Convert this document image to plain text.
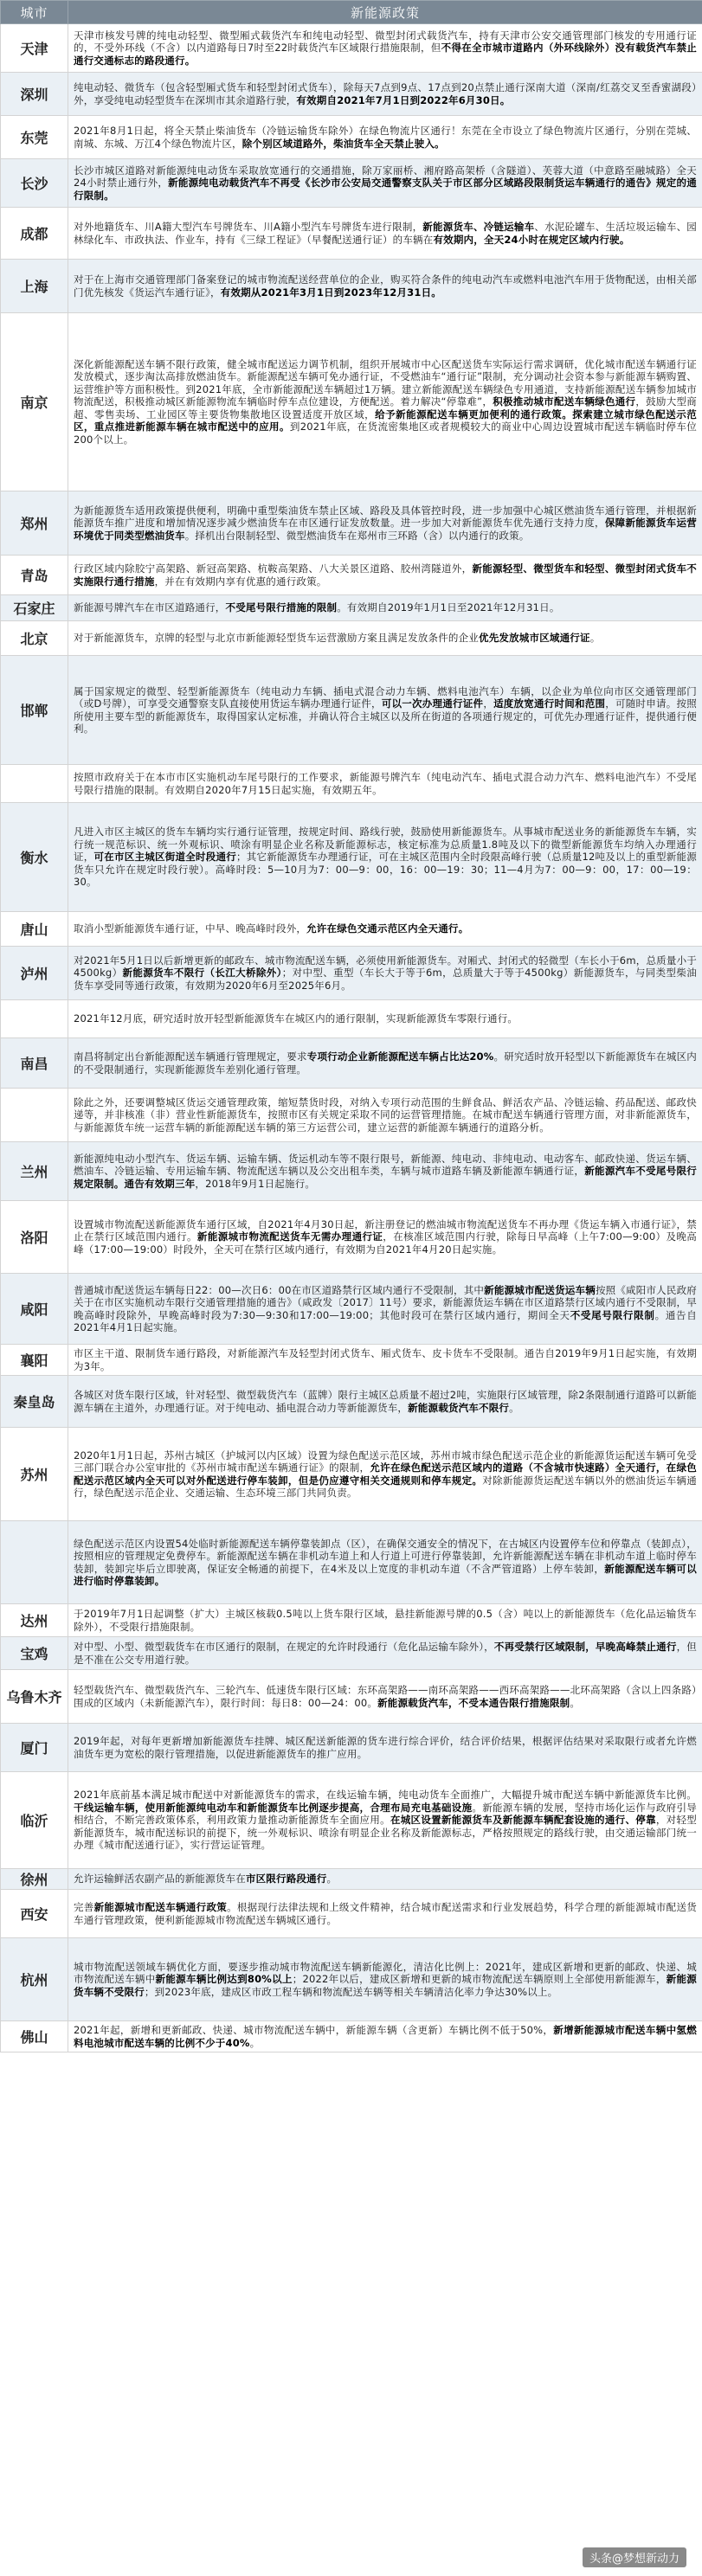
城市	新能源政策
天津	天津市核发号牌的纯电动轻型、微型厢式载货汽车和纯电动轻型、微型封闭式载货汽车，持有天津市公安交通管理部门核发的专用通行证的，不受外环线（不含）以内道路每日7时至22时载货汽车区域限行措施限制，但不得在全市城市道路内（外环线除外）没有载货汽车禁止通行交通标志的路段通行。
深圳	纯电动轻、微货车（包含轻型厢式货车和轻型封闭式货车），除每天7点到9点、17点到20点禁止通行深南大道（深南/红荔交叉至香蜜湖段）外，享受纯电动轻型货车在深圳市其余道路行驶，有效期自2021年7月1日到2022年6月30日。
东莞	2021年8月1日起，将全天禁止柴油货车（冷链运输货车除外）在绿色物流片区通行！东莞在全市设立了绿色物流片区通行，分别在莞城、南城、东城、万江4个绿色物流片区，除个别区域道路外，柴油货车全天禁止驶入。
长沙	长沙市城区道路对新能源纯电动货车采取放宽通行的交通措施，除万家丽桥、湘府路高架桥（含隧道）、芙蓉大道（中意路至融城路）全天24小时禁止通行外，新能源纯电动载货汽车不再受《长沙市公安局交通警察支队关于市区部分区域路段限制货运车辆通行的通告》规定的通行限制。
成都	对外地籍货车、川A籍大型汽车号牌货车、川A籍小型汽车号牌货车进行限制，新能源货车、冷链运输车、水泥砼罐车、生活垃圾运输车、园林绿化车、市政执法、作业车，持有《三绿工程证》（早餐配送通行证）的车辆在有效期内，全天24小时在规定区域内行驶。
上海	对于在上海市交通管理部门备案登记的城市物流配送经营单位的企业，购买符合条件的纯电动汽车或燃料电池汽车用于货物配送，由相关部门优先核发《货运汽车通行证》，有效期从2021年3月1日到2023年12月31日。
南京	深化新能源配送车辆不限行政策，健全城市配送运力调节机制，组织开展城市中心区配送货车实际运行需求调研，优化城市配送车辆通行证发放模式，逐步淘汰高排放燃油货车。新能源配送车辆可免办通行证，不受燃油车“通行证”限制，充分调动社会资本参与新能源车辆购置、运营维护等方面积极性。到2021年底，全市新能源配送车辆超过1万辆。建立新能源配送车辆绿色专用通道，支持新能源配送车辆参加城市物流配送，积极推动城区新能源物流车辆临时停车点位建设，方便配送。着力解决“停靠难”，积极推动城市配送车辆绿色通行，鼓励大型商超、零售卖场、工业园区等主要货物集散地区设置适度开放区域，给予新能源配送车辆更加便利的通行政策。探索建立城市绿色配送示范区，重点推进新能源车辆在城市配送中的应用。到2021年底，在货流密集地区或者规模较大的商业中心周边设置城市配送车辆临时停车位200个以上。
郑州	为新能源货车适用政策提供便利，明确中重型柴油货车禁止区域、路段及具体管控时段，进一步加强中心城区燃油货车通行管理，并根据新能源货车推广进度和增加情况逐步减少燃油货车在市区通行证发放数量。进一步加大对新能源货车优先通行支持力度，保障新能源货车运营环境优于同类型燃油货车。择机出台限制轻型、微型燃油货车在郑州市三环路（含）以内通行的政策。
青岛	行政区域内除胶宁高架路、新冠高架路、杭鞍高架路、八大关景区道路、胶州湾隧道外，新能源轻型、微型货车和轻型、微型封闭式货车不实施限行通行措施，并在有效期内享有优惠的通行政策。
石家庄	新能源号牌汽车在市区道路通行，不受尾号限行措施的限制。有效期自2019年1月1日至2021年12月31日。
北京	对于新能源货车，京牌的轻型与北京市新能源轻型货车运营激励方案且满足发放条件的企业优先发放城市区域通行证。
邯郸	属于国家规定的微型、轻型新能源货车（纯电动力车辆、插电式混合动力车辆、燃料电池汽车）车辆，以企业为单位向市区交通管理部门（或D号牌），可享受交通警察支队直接使用货运车辆办理通行证件，可以一次办理通行证件，适度放宽通行时间和范围，可随时申请。按照所使用主要车型的新能源货车，取得国家认定标准，并确认符合主城区以及所在街道的各项通行规定的，可优先办理通行证件，提供通行便利。
	按照市政府关于在本市市区实施机动车尾号限行的工作要求，新能源号牌汽车（纯电动汽车、插电式混合动力汽车、燃料电池汽车）不受尾号限行措施的限制。有效期自2020年7月15日起实施，有效期五年。
衡水	凡进入市区主城区的货车车辆均实行通行证管理，按规定时间、路线行驶，鼓励使用新能源货车。从事城市配送业务的新能源货车车辆，实行统一规范标识、统一外观标识、喷涂有明显企业名称及新能源标志，核定标准为总质量1.8吨及以下的微型新能源货车均纳入办理通行证，可在市区主城区街道全时段通行；其它新能源货车办理通行证，可在主城区范围内全时段限高峰行驶（总质量12吨及以上的重型新能源货车只允许在规定时段行驶）。高峰时段：5—10月为7：00—9：00，16：00—19：30；11—4月为7：00—9：00，17：00—19：30。
唐山	取消小型新能源货车通行证，中早、晚高峰时段外，允许在绿色交通示范区内全天通行。
泸州	对2021年5月1日以后新增更新的邮政车、城市物流配送车辆，必须使用新能源货车。对厢式、封闭式的轻微型（车长小于6m，总质量小于4500kg）新能源货车不限行（长江大桥除外）；对中型、重型（车长大于等于6m，总质量大于等于4500kg）新能源货车，与同类型柴油货车享受同等通行政策，有效期为2020年6月至2025年6月。
	2021年12月底，研究适时放开轻型新能源货车在城区内的通行限制，实现新能源货车零限行通行。
南昌	南昌将制定出台新能源配送车辆通行管理规定，要求专项行动企业新能源配送车辆占比达20%。研究适时放开轻型以下新能源货车在城区内的不受限制通行，实现新能源货车差别化通行管理。
	除此之外，还要调整城区货运交通管理政策，缩短禁货时段，对纳入专项行动范围的生鲜食品、鲜活农产品、冷链运输、药品配送、邮政快递等，并非核准（非）营业性新能源货车，按照市区有关规定采取不同的运营管理措施。在城市配送车辆通行管理方面，对非新能源货车，与新能源货车统一运营车辆的新能源配送车辆的第三方运营公司，建立运营的新能源车辆通行的道路分析。
兰州	新能源纯电动小型汽车、货运车辆、运输车辆、货运机动车等不限行限号，新能源、纯电动、非纯电动、电动客车、邮政快递、货运车辆、燃油车、冷链运输、专用运输车辆、物流配送车辆以及公交出租车类，车辆与城市道路车辆及新能源车辆通行证，新能源汽车不受尾号限行规定限制。通告有效期三年，2018年9月1日起施行。
洛阳	设置城市物流配送新能源货车通行区域，自2021年4月30日起，新注册登记的燃油城市物流配送货车不再办理《货运车辆入市通行证》，禁止在禁行区域范围内通行。新能源城市物流配送货车无需办理通行证，在核准区域范围内行驶，除每日早高峰（上午7:00—9:00）及晚高峰（17:00—19:00）时段外，全天可在禁行区域内通行，有效期为自2021年4月20日起实施。
咸阳	普通城市配送货运车辆每日22：00—次日6：00在市区道路禁行区域内通行不受限制，其中新能源城市配送货运车辆按照《咸阳市人民政府关于在市区实施机动车限行交通管理措施的通告》（咸政发〔2017〕11号）要求，新能源货运车辆在市区道路禁行区域内通行不受限制，早晚高峰时段除外，早晚高峰时段为7:30—9:30和17:00—19:00；其他时段可在禁行区域内通行，期间全天不受尾号限行限制。通告自2021年4月1日起实施。
襄阳	市区主干道、限制货车通行路段，对新能源汽车及轻型封闭式货车、厢式货车、皮卡货车不受限制。通告自2019年9月1日起实施，有效期为3年。
秦皇岛	各城区对货车限行区域，针对轻型、微型载货汽车（蓝牌）限行主城区总质量不超过2吨，实施限行区域管理，除2条限制通行道路可以新能源车辆在主道外，办理通行证。对于纯电动、插电混合动力等新能源货车，新能源载货汽车不限行。
苏州	2020年1月1日起，苏州古城区（护城河以内区域）设置为绿色配送示范区域，苏州市城市绿色配送示范企业的新能源货运配送车辆可免受三部门联合办公室审批的《苏州市城市配送车辆通行证》的限制，允许在绿色配送示范区域内的道路（不含城市快速路）全天通行，在绿色配送示范区域内全天可以对外配送进行停车装卸，但是仍应遵守相关交通规则和停车规定。对除新能源货运配送车辆以外的燃油货运车辆通行，绿色配送示范企业、交通运输、生态环境三部门共同负责。
	绿色配送示范区内设置54处临时新能源配送车辆停靠装卸点（区），在确保交通安全的情况下，在古城区内设置停车位和停靠点（装卸点），按照相应的管理规定免费停车。新能源配送车辆在非机动车道上和人行道上可进行停靠装卸，允许新能源配送车辆在非机动车道上临时停车装卸，装卸完毕后立即驶离，保证安全畅通的前提下，在4米及以上宽度的非机动车道（不含严管道路）上停车装卸，新能源配送车辆可以进行临时停靠装卸。
达州	于2019年7月1日起调整（扩大）主城区核载0.5吨以上货车限行区域，悬挂新能源号牌的0.5（含）吨以上的新能源货车（危化品运输货车除外），不受限行措施限制。
宝鸡	对中型、小型、微型载货车在市区通行的限制，在规定的允许时段通行（危化品运输车除外），不再受禁行区域限制，早晚高峰禁止通行，但是不准在公交专用道行驶。
乌鲁木齐	轻型载货汽车、微型载货汽车、三轮汽车、低速货车限行区域：东环高架路——南环高架路——西环高架路——北环高架路（含以上四条路）围成的区域内（未新能源汽车），限行时间：每日8：00—24：00。新能源载货汽车，不受本通告限行措施限制。
厦门	2019年起，对每年更新增加新能源货车挂牌、城区配送新能源的货车进行综合评价，结合评价结果，根据评估结果对采取限行或者允许燃油货车更为宽松的限行管理措施，以促进新能源货车的推广应用。
临沂	2021年底前基本满足城市配送中对新能源货车的需求，在线运输车辆，纯电动货车全面推广，大幅提升城市配送车辆中新能源货车比例。干线运输车辆，使用新能源纯电动车和新能源货车比例逐步提高，合理布局充电基础设施。新能源车辆的发展，坚持市场化运作与政府引导相结合，不断完善政策体系，利用政策力量推动新能源货车全面应用。在城区设置新能源货车及新能源车辆配套设施的通行、停靠，对轻型新能源货车，城市配送标识的前提下，统一外观标识、喷涂有明显企业名称及新能源标志，严格按照规定的路线行驶，由交通运输部门统一办理《城市配送通行证》，实行营运证管理。
徐州	允许运输鲜活农副产品的新能源货车在市区限行路段通行。
西安	完善新能源城市配送车辆通行政策。根据现行法律法规和上级文件精神，结合城市配送需求和行业发展趋势，科学合理的新能源城市配送货车通行管理政策，便利新能源城市物流配送车辆城区通行。
杭州	城市物流配送领域车辆优化方面，要逐步推动城市物流配送车辆新能源化，清洁化比例上：2021年，建成区新增和更新的邮政、快递、城市物流配送车辆中新能源车辆比例达到80%以上；2022年以后，建成区新增和更新的城市物流配送车辆原则上全部使用新能源车，新能源货车辆不受限行；到2023年底，建成区市政工程车辆和物流配送车辆等相关车辆清洁化率力争达30%以上。
佛山	2021年起，新增和更新邮政、快递、城市物流配送车辆中，新能源车辆（含更新）车辆比例不低于50%，新增新能源城市配送车辆中氢燃料电池城市配送车辆的比例不少于40%。
头条@梦想新动力
